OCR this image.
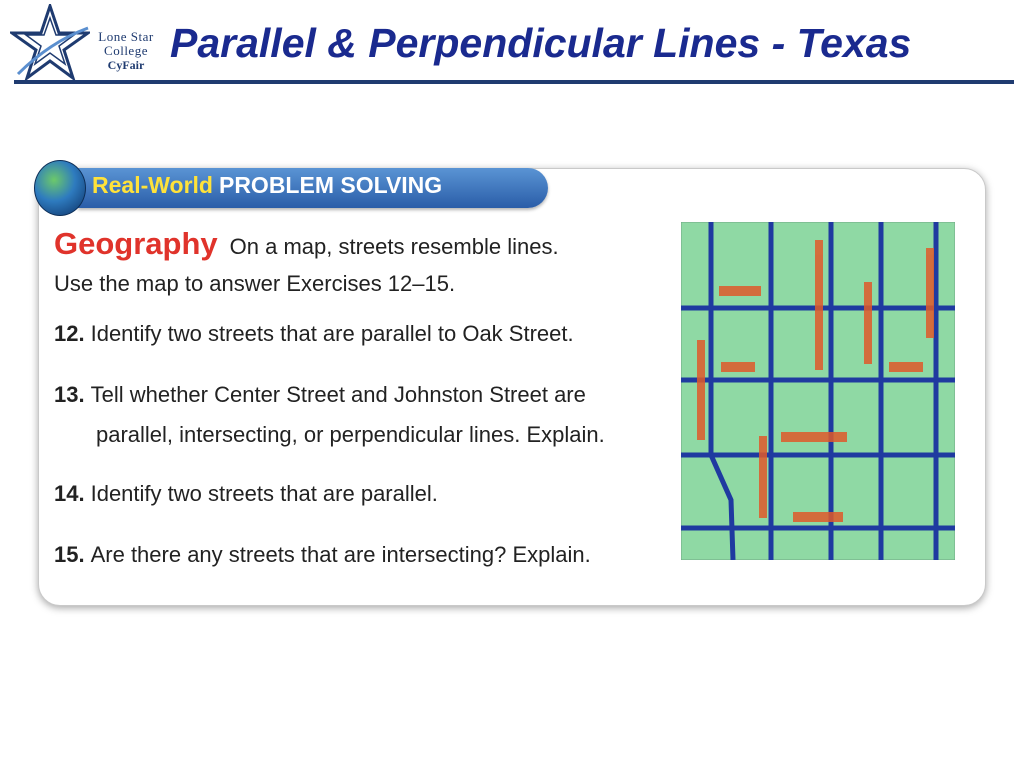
Lone Star
College
CyFair Parallel & Perpendicular Lines - Texas
Real-World PROBLEM SOLVING
Geography On a map, streets resemble lines.
Use the map to answer Exercises 12–15.
12. Identify two streets that are parallel to Oak Street.
13. Tell whether Center Street and Johnston Street are
parallel, intersecting, or perpendicular lines. Explain.
14. Identify two streets that are parallel.
15. Are there any streets that are intersecting? Explain.
